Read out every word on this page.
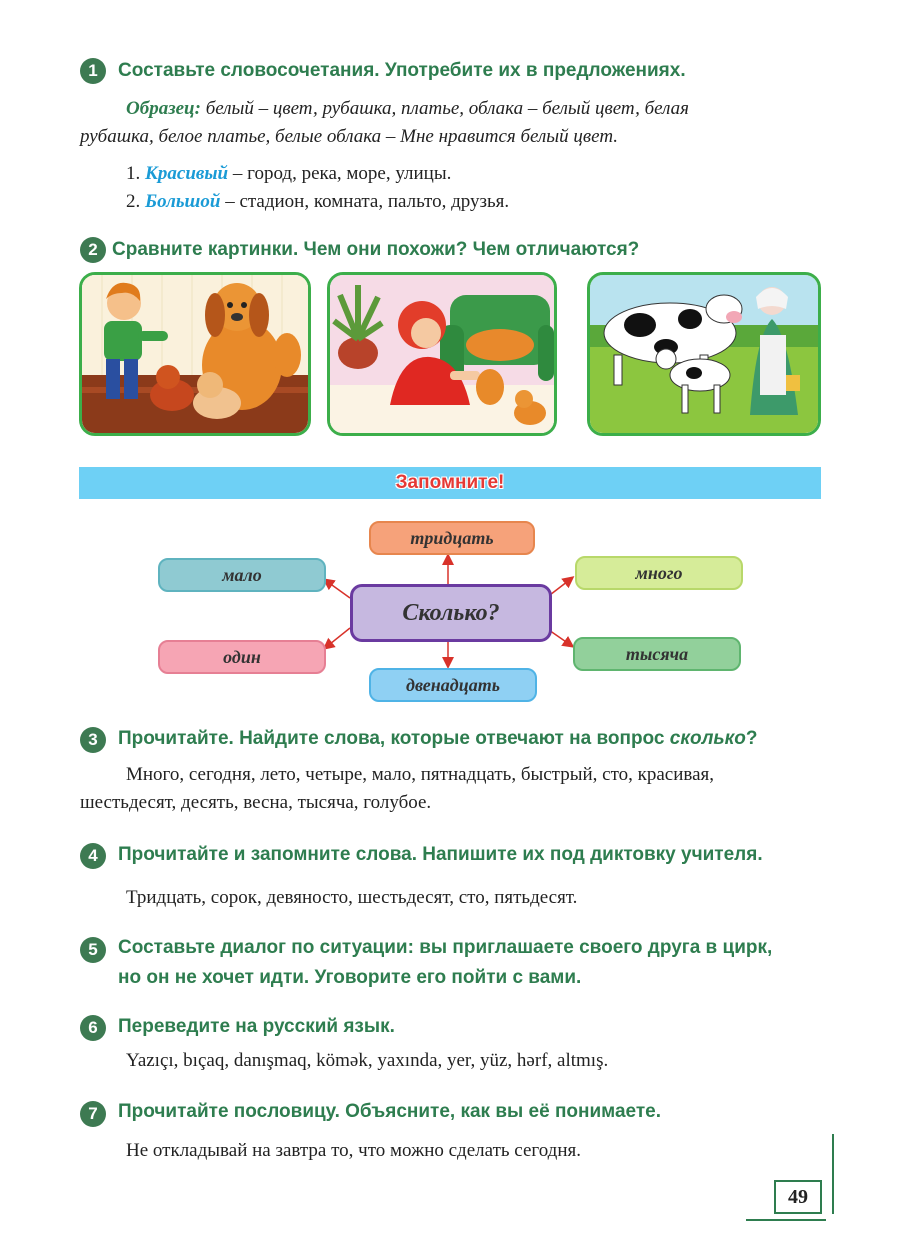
1	Составьте словосочетания. Употребите их в предложениях.
Образец: белый – цвет, рубашка, платье, облака – белый цвет, белая
рубашка, белое платье, белые облака – Мне нравится белый цвет.
1. Красивый – город, река, море, улицы.
2. Большой – стадион, комната, пальто, друзья.
2 Сравните картинки. Чем они похожи? Чем отличаются?
Запомните!
тридцать
мало	много
Сколько?
один	тысяча
двенадцать
3	Прочитайте. Найдите слова, которые отвечают на вопрос сколько?
Много, сегодня, лето, четыре, мало, пятнадцать, быстрый, сто, красивая,
шестьдесят, десять, весна, тысяча, голубое.
4	Прочитайте и запомните слова. Напишите их под диктовку учителя.
Тридцать, сорок, девяносто, шестьдесят, сто, пятьдесят.
5	Составьте диалог по ситуации: вы приглашаете своего друга в цирк,
но он не хочет идти. Уговорите его пойти с вами.
6	Переведите на русский язык.
Yazıçı, bıçaq, danışmaq, kömək, yaxında, yer, yüz, hərf, altmış.
7	Прочитайте пословицу. Объясните, как вы её понимаете.
Не откладывай на завтра то, что можно сделать сегодня.
49
